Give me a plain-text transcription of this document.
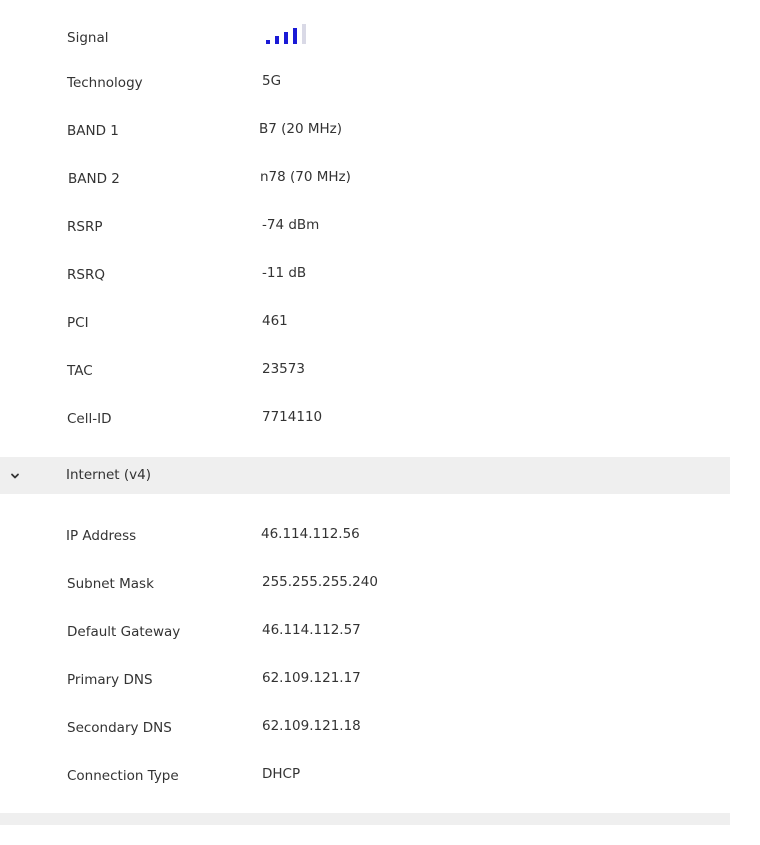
Signal
Technology	5G
BAND 1	B7 (20 MHz)
BAND 2	n78 (70 MHz)
RSRP	-74 dBm
RSRQ	-11 dB
PCI	461
TAC	23573
Cell-ID	7714110
Internet (v4)
IP Address	46.114.112.56
Subnet Mask	255.255.255.240
Default Gateway	46.114.112.57
Primary DNS	62.109.121.17
Secondary DNS	62.109.121.18
Connection Type	DHCP
